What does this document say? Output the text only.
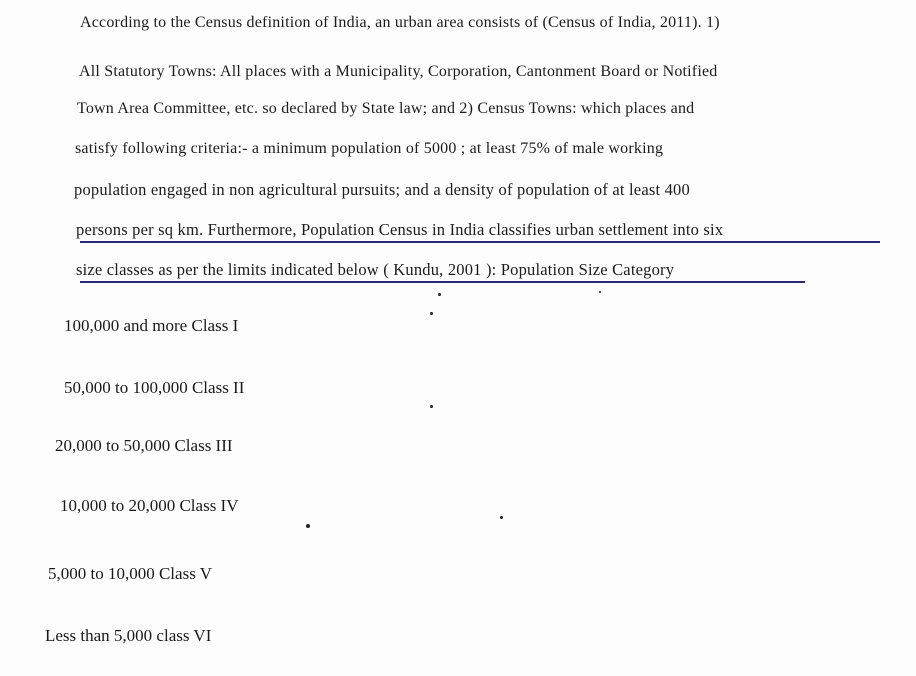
According to the Census definition of India, an urban area consists of (Census of India, 2011). 1)
All Statutory Towns: All places with a Municipality, Corporation, Cantonment Board or Notified
Town Area Committee, etc. so declared by State law; and 2) Census Towns: which places and
satisfy following criteria:- a minimum population of 5000 ; at least 75% of male working
population engaged in non agricultural pursuits; and a density of population of at least 400
persons per sq km. Furthermore, Population Census in India classifies urban settlement into six
size classes as per the limits indicated below ( Kundu, 2001 ): Population Size Category
100,000 and more Class I
50,000 to 100,000 Class II
20,000 to 50,000 Class III
10,000 to 20,000 Class IV
5,000 to 10,000 Class V
Less than 5,000 class VI
